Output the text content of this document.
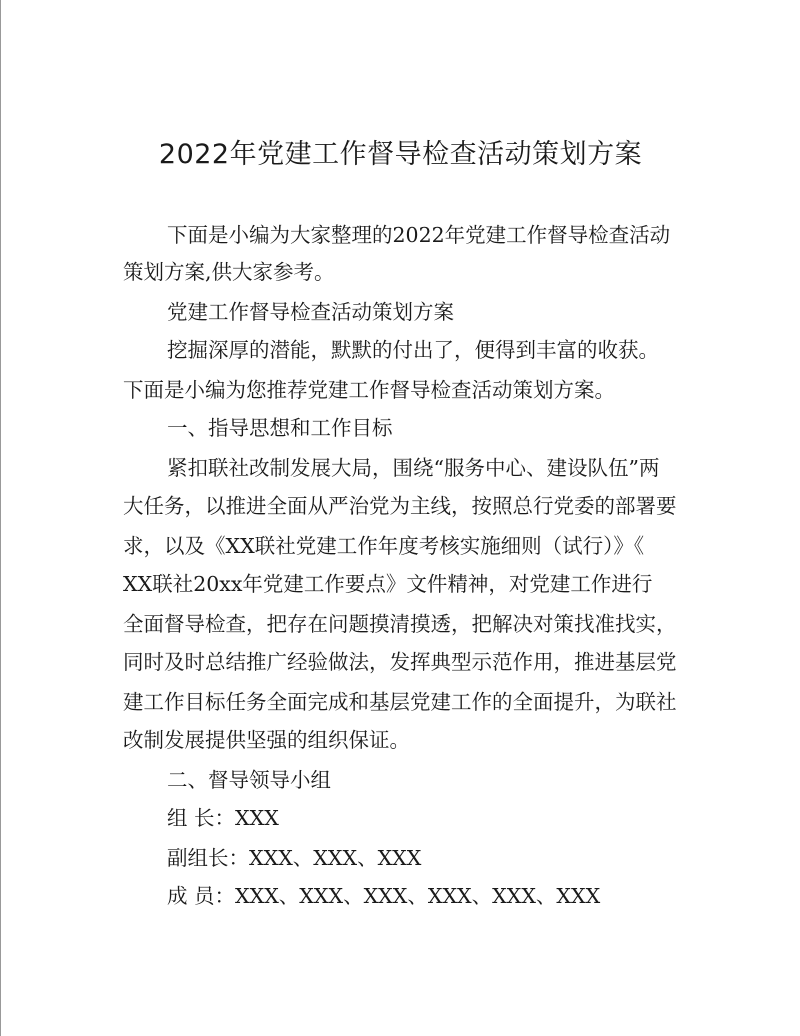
2022年党建工作督导检查活动策划方案
下面是小编为大家整理的2022年党建工作督导检查活动
策划方案,供大家参考。
党建工作督导检查活动策划方案
挖掘深厚的潜能，默默的付出了，便得到丰富的收获。
下面是小编为您推荐党建工作督导检查活动策划方案。
一、指导思想和工作目标
紧扣联社改制发展大局，围绕“服务中心、建设队伍”两
大任务，以推进全面从严治党为主线，按照总行党委的部署要
求，以及《XX联社党建工作年度考核实施细则（试行）》《
XX联社20xx年党建工作要点》文件精神，对党建工作进行
全面督导检查，把存在问题摸清摸透，把解决对策找准找实，
同时及时总结推广经验做法，发挥典型示范作用，推进基层党
建工作目标任务全面完成和基层党建工作的全面提升，为联社
改制发展提供坚强的组织保证。
二、督导领导小组
组 长：XXX
副组长：XXX、XXX、XXX
成 员：XXX、XXX、XXX、XXX、XXX、XXX
